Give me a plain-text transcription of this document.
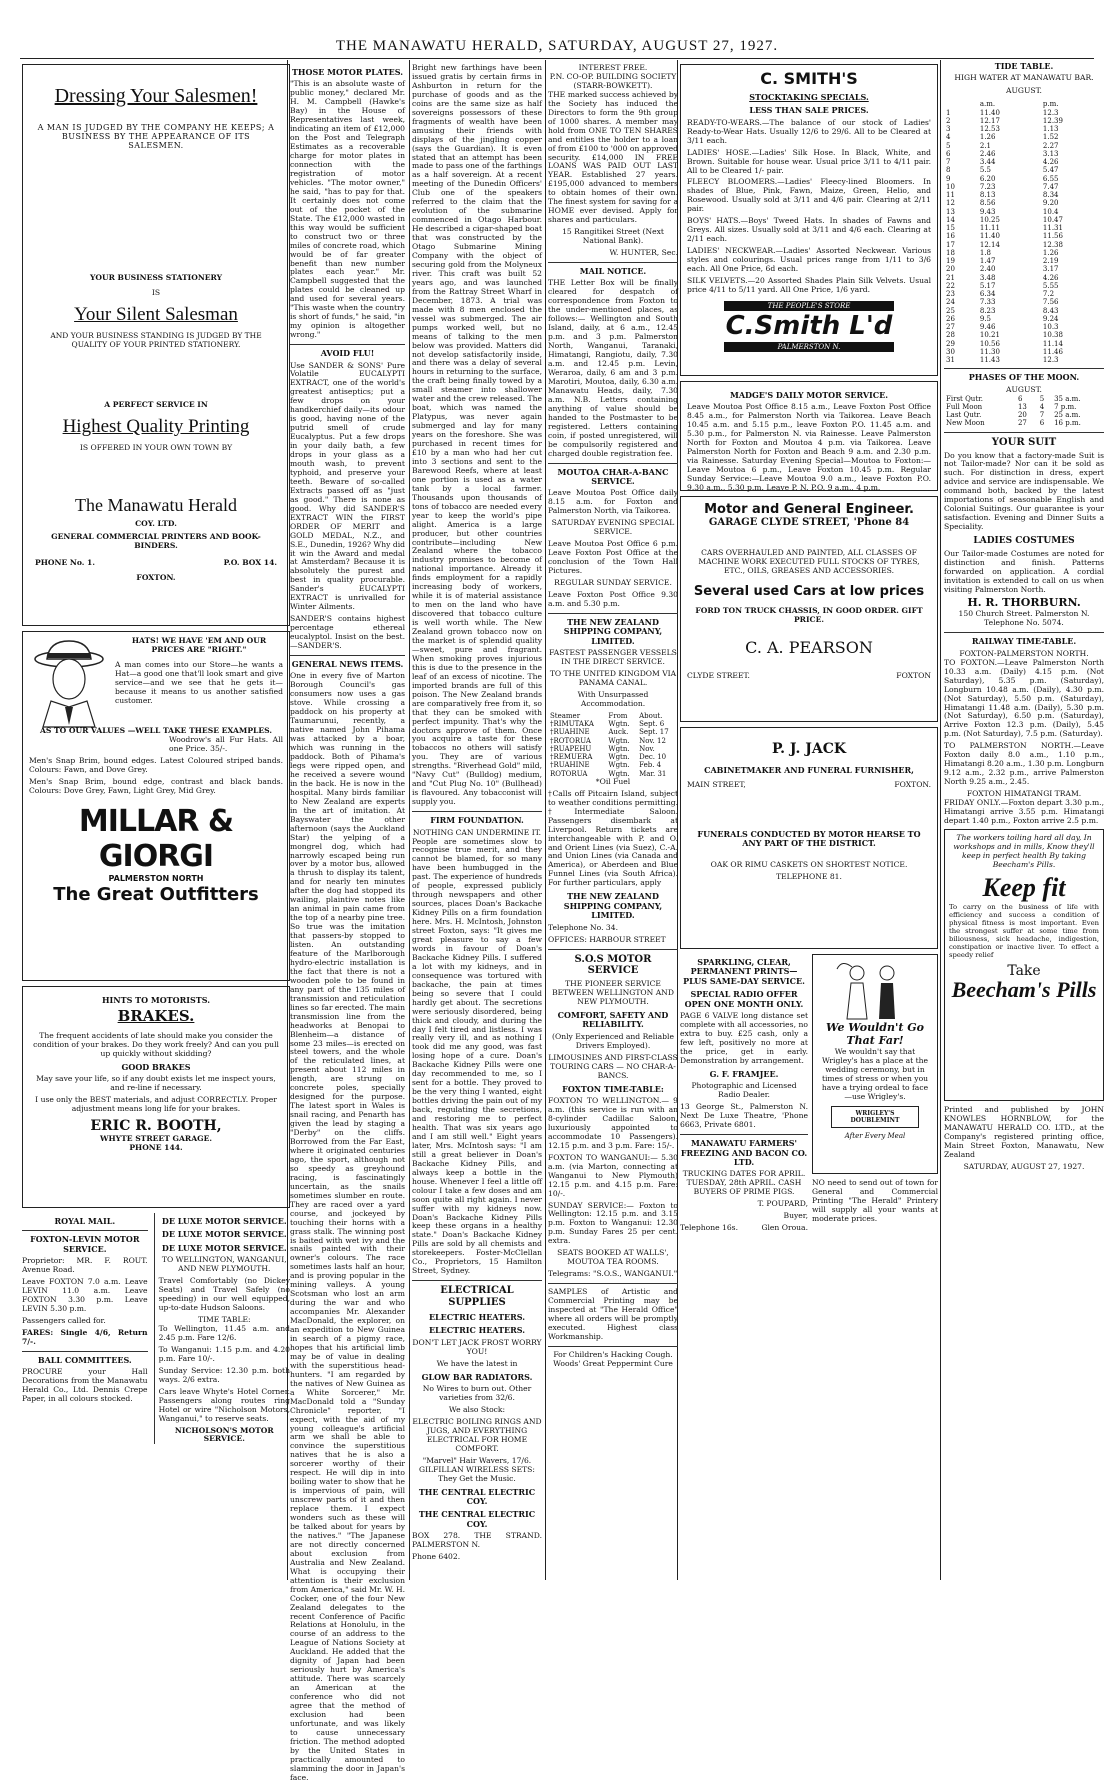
THE MANAWATU HERALD, SATURDAY, AUGUST 27, 1927.
Dressing Your Salesmen!

A MAN IS JUDGED BY THE COMPANY HE KEEPS; A BUSINESS BY THE APPEARANCE OF ITS SALESMEN.

YOUR BUSINESS STATIONERY
IS
Your Silent Salesman

AND YOUR BUSINESS STANDING IS JUDGED BY THE QUALITY OF YOUR PRINTED STATIONERY.

A PERFECT SERVICE IN
Highest Quality Printing
IS OFFERED IN YOUR OWN TOWN BY
The Manawatu Herald
COY. LTD.
GENERAL COMMERCIAL PRINTERS AND BOOK-BINDERS.
PHONE No. 1.	P.O. BOX 14.
FOXTON.
HATS! WE HAVE 'EM AND OUR PRICES ARE "RIGHT."

A man comes into our Store—he wants a Hat—a good one that'll look smart and give service—and we see that he gets it—because it means to us another satisfied customer.

AS TO OUR VALUES —WELL TAKE THESE EXAMPLES.

Woodrow's all Fur Hats. All one Price. 35/-.

Men's Snap Brim, bound edges. Latest Coloured striped bands. Colours: Fawn, and Dove Grey.

Men's Snap Brim, bound edge, contrast and black bands. Colours: Dove Grey, Fawn, Light Grey, Mid Grey.

MILLAR & GIORGI
PALMERSTON NORTH
The Great Outfitters
HINTS TO MOTORISTS.
BRAKES.

The frequent accidents of late should make you consider the condition of your brakes. Do they work freely? And can you pull up quickly without skidding?

GOOD BRAKES

May save your life, so if any doubt exists let me inspect yours, and re-line if necessary.

I use only the BEST materials, and adjust CORRECTLY. Proper adjustment means long life for your brakes.

ERIC R. BOOTH,
WHYTE STREET GARAGE.
PHONE 144.
ROYAL MAIL.
FOXTON-LEVIN MOTOR SERVICE.

Proprietor: MR. F. ROUT. Avenue Road.

Leave FOXTON 7.0 a.m. Leave LEVIN 11.0 a.m. Leave FOXTON 3.30 p.m. Leave LEVIN 5.30 p.m.

Passengers called for.

FARES: Single 4/6, Return 7/-.

BALL COMMITTEES.

PROCURE your Hall Decorations from the Manawatu Herald Co., Ltd. Dennis Crepe Paper, in all colours stocked.

DE LUXE MOTOR SERVICE.
DE LUXE MOTOR SERVICE.
DE LUXE MOTOR SERVICE.

TO WELLINGTON, WANGANUI, AND NEW PLYMOUTH.

Travel Comfortably (no Dickey Seats) and Travel Safely (no speeding) in our well equipped, up-to-date Hudson Saloons.

TIME TABLE:

To Wellington, 11.45 a.m. and 2.45 p.m. Fare 12/6.

To Wanganui: 1.15 p.m. and 4.20 p.m. Fare 10/-.

Sunday Service: 12.30 p.m. both ways. 2/6 extra.

Cars leave Whyte's Hotel Corner. Passengers along routes ring Hotel or wire "Nicholson Motors, Wanganui," to reserve seats.

NICHOLSON'S MOTOR SERVICE.
THOSE MOTOR PLATES.

"This is an absolute waste of public money," declared Mr. H. M. Campbell (Hawke's Bay) in the House of Representatives last week, indicating an item of £12,000 on the Post and Telegraph Estimates as a recoverable charge for motor plates in connection with the registration of motor vehicles. "The motor owner," he said, "has to pay for that. It certainly does not come out of the pocket of the State. The £12,000 wasted in this way would be sufficient to construct two or three miles of concrete road, which would be of far greater benefit than new number plates each year." Mr. Campbell suggested that the plates could be cleaned up and used for several years. "This waste when the country is short of funds," he said, "in my opinion is altogether wrong."

AVOID FLU!

Use SANDER & SONS' Pure Volatile EUCALYPTI EXTRACT, one of the world's greatest antiseptics; put a few drops on your handkerchief daily—its odour is good, having none of the putrid smell of crude Eucalyptus. Put a few drops in your daily bath, a few drops in your glass as a mouth wash, to prevent typhoid, and preserve your teeth. Beware of so-called Extracts passed off as "just as good." There is none as good. Why did SANDER'S EXTRACT WIN the FIRST ORDER OF MERIT and GOLD MEDAL, N.Z., and S.E., Dunedin, 1926? Why did it win the Award and medal at Amsterdam? Because it is absolutely the purest and best in quality procurable. Sander's EUCALYPTI EXTRACT is unrivalled for Winter Ailments.

SANDER'S contains highest percentage ethereal eucalyptol. Insist on the best.—SANDER'S.

GENERAL NEWS ITEMS.

One in every five of Marton Borough Council's gas consumers now uses a gas stove. While crossing a paddock on his property at Taumarunui, recently, a native named John Pihama was attacked by a boar, which was running in the paddock. Both of Pihama's legs were ripped open, and he received a severe wound in the back. He is now in the hospital. Many birds familiar to New Zealand are experts in the art of imitation. At Bayswater the other afternoon (says the Auckland Star) the yelping of a mongrel dog, which had narrowly escaped being run over by a motor bus, allowed a thrush to display its talent, and for nearly ten minutes after the dog had stopped its wailing, plaintive notes like an animal in pain came from the top of a nearby pine tree. So true was the imitation that passers-by stopped to listen. An outstanding feature of the Marlborough hydro-electric installation is the fact that there is not a wooden pole to be found in any part of the 135 miles of transmission and reticulation lines so far erected. The main transmission line from the headworks at Benopai to Blenheim—a distance of some 23 miles—is erected on steel towers, and the whole of the reticulated lines, at present about 112 miles in length, are strung on concrete poles, specially designed for the purpose. The latest sport in Wales is snail racing, and Penarth has given the lead by staging a "Derby" on the cliffs. Borrowed from the Far East, where it originated centuries ago, the sport, although not so speedy as greyhound racing, is fascinatingly uncertain, as the snails sometimes slumber en route. They are raced over a yard course, and jockeyed by touching their horns with a grass stalk. The winning post is baited with wet ivy and the snails painted with their owner's colours. The race sometimes lasts half an hour, and is proving popular in the mining valleys. A young Scotsman who lost an arm during the war and who accompanies Mr. Alexander MacDonald, the explorer, on an expedition to New Guinea in search of a pigmy race, hopes that his artificial limb may be of value in dealing with the superstitious head-hunters. "I am regarded by the natives of New Guinea as a White Sorcerer," Mr. MacDonald told a "Sunday Chronicle" reporter, "I expect, with the aid of my young colleague's artificial arm we shall be able to convince the superstitious natives that he is also a sorcerer worthy of their respect. He will dip in into boiling water to show that he is impervious of pain, will unscrew parts of it and then replace them. I expect wonders such as these will be talked about for years by the natives." "The Japanese are not directly concerned about exclusion from Australia and New Zealand. What is occupying their attention is their exclusion from America," said Mr. W. H. Cocker, one of the four New Zealand delegates to the recent Conference of Pacific Relations at Honolulu, in the course of an address to the League of Nations Society at Auckland. He added that the dignity of Japan had been seriously hurt by America's attitude. There was scarcely an American at the conference who did not agree that the method of exclusion had been unfortunate, and was likely to cause unnecessary friction. The method adopted by the United States in practically amounted to slamming the door in Japan's face.

Bright new farthings have been issued gratis by certain firms in Ashburton in return for the purchase of goods and as the coins are the same size as half sovereigns possessors of these fragments of wealth have been amusing their friends with displays of the jingling copper (says the Guardian). It is even stated that an attempt has been made to pass one of the farthings as a half sovereign. At a recent meeting of the Dunedin Officers' Club one of the speakers referred to the claim that the evolution of the submarine commenced in Otago Harbour. He described a cigar-shaped boat that was constructed by the Otago Submarine Mining Company with the object of securing gold from the Molyneux river. This craft was built 52 years ago, and was launched from the Rattray Street Wharf in December, 1873. A trial was made with 8 men enclosed the vessel was submerged. The air pumps worked well, but no means of talking to the men below was provided. Matters did not develop satisfactorily inside, and there was a delay of several hours in returning to the surface, the craft being finally towed by a small steamer into shallower water and the crew released. The boat, which was named the Platypus, was never again submerged and lay for many years on the foreshore. She was purchased in recent times for £10 by a man who had her cut into 3 sections and sent to the Barewood Reefs, where at least one portion is used as a water tank by a local farmer. Thousands upon thousands of tons of tobacco are needed every year to keep the world's pipe alight. America is a large producer, but other countries contribute—including New Zealand where the tobacco industry promises to become of national importance. Already it finds employment for a rapidly increasing body of workers, while it is of material assistance to men on the land who have discovered that tobacco culture is well worth while. The New Zealand grown tobacco now on the market is of splendid quality—sweet, pure and fragrant. When smoking proves injurious this is due to the presence in the leaf of an excess of nicotine. The imported brands are full of this poison. The New Zealand brands are comparatively free from it, so that they can be smoked with perfect impunity. That's why the doctors approve of them. Once you acquire a taste for these tobaccos no others will satisfy you. They are of various strengths. "Riverhead Gold" mild, "Navy Cut" (Bulldog) medium, and "Cut Plug No. 10" (Bullhead) is flavoured. Any tobacconist will supply you.

FIRM FOUNDATION.
NOTHING CAN UNDERMINE IT.

People are sometimes slow to recognise true merit, and they cannot be blamed, for so many have been humbugged in the past. The experience of hundreds of people, expressed publicly through newspapers and other sources, places Doan's Backache Kidney Pills on a firm foundation here. Mrs. H. McIntosh, Johnston street Foxton, says: "It gives me great pleasure to say a few words in favour of Doan's Backache Kidney Pills. I suffered a lot with my kidneys, and in consequence was tortured with backache, the pain at times being so severe that I could hardly get about. The secretions were seriously disordered, being thick and cloudy, and during the day I felt tired and listless. I was really very ill, and as nothing I took did me any good, was fast losing hope of a cure. Doan's Backache Kidney Pills were one day recommended to me, so I sent for a bottle. They proved to be the very thing I wanted, eight bottles driving the pain out of my back, regulating the secretions, and restoring me to perfect health. That was six years ago and I am still well." Eight years later, Mrs. McIntosh says: "I am still a great believer in Doan's Backache Kidney Pills, and always keep a bottle in the house. Whenever I feel a little off colour I take a few doses and am soon quite all right again. I never suffer with my kidneys now. Doan's Backache Kidney Pills keep these organs in a healthy state." Doan's Backache Kidney Pills are sold by all chemists and storekeepers. Foster-McClellan Co., Proprietors, 15 Hamilton Street, Sydney.

ELECTRICAL SUPPLIES
ELECTRIC HEATERS.
ELECTRIC HEATERS.

DON'T LET JACK FROST WORRY YOU!

We have the latest in

GLOW BAR RADIATORS.

No Wires to burn out. Other varieties from 32/6.

We also Stock:

ELECTRIC BOILING RINGS AND JUGS, AND EVERYTHING ELECTRICAL FOR HOME COMFORT.

"Marvel" Hair Wavers, 17/6. GILFILLAN WIRELESS SETS: They Get the Music.

THE CENTRAL ELECTRIC COY.
THE CENTRAL ELECTRIC COY.

BOX 278. THE STRAND. PALMERSTON N.

Phone 6402.

INTEREST FREE.
P.N. CO-OP. BUILDING SOCIETY (STARR-BOWKETT).

THE marked success achieved by the Society has induced the Directors to form the 9th group of 1000 shares. A member may hold from ONE TO TEN SHARES and entitles the holder to a loan of from £100 to '000 on approved security. £14,000 IN FREE LOANS WAS PAID OUT LAST YEAR. Established 27 years. £195,000 advanced to members to obtain homes of their own. The finest system for saving for a HOME ever devised. Apply for shares and particulars.

15 Rangitikei Street (Next National Bank).

W. HUNTER, Sec.

MAIL NOTICE.

THE Letter Box will be finally cleared for despatch of correspondence from Foxton to the under-mentioned places, as follows:— Wellington and South Island, daily, at 6 a.m., 12.45 p.m. and 3 p.m. Palmerston North, Wanganui, Taranaki, Himatangi, Rangiotu, daily, 7.30 a.m. and 12.45 p.m. Levin, Weraroa, daily, 6 am and 3 p.m. Marotiri, Moutoa, daily, 6.30 a.m. Manawatu Heads, daily, 7.30 a.m. N.B. Letters containing anything of value should be handed to the Postmaster to be registered. Letters containing coin, if posted unregistered, will be compulsorily registered and charged double registration fee.

MOUTOA CHAR-A-BANC SERVICE.

Leave Moutoa Post Office daily 8.15 a.m. for Foxton and Palmerston North, via Taikorea.

SATURDAY EVENING SPECIAL SERVICE.

Leave Moutoa Post Office 6 p.m. Leave Foxton Post Office at the conclusion of the Town Hall Pictures.

REGULAR SUNDAY SERVICE.

Leave Foxton Post Office 9.30 a.m. and 5.30 p.m.

THE NEW ZEALAND SHIPPING COMPANY, LIMITED.

FASTEST PASSENGER VESSELS IN THE DIRECT SERVICE.

TO THE UNITED KINGDOM VIA PANAMA CANAL.

With Unsurpassed Accommodation.

Steamer	From	About.
†RIMUTAKA	Wgtn.	Sept. 6
†RUAHINE	Auck.	Sept. 17
†ROTORUA	Wgtn.	Nov. 12
†RUAPEHU	Wgtn.	Nov.
†REMUERA	Wgtn.	Dec. 10
†RUAHINE	Wgtn.	Feb. 4
ROTORUA	Wgtn.	Mar. 31

*Oil Fuel

†Calls off Pitcairn Island, subject to weather conditions permitting. †Intermediate Saloon. Passengers disembark at Liverpool. Return tickets are interchangeable with P. and O. and Orient Lines (via Suez), C.-A. and Union Lines (via Canada and America), or Aberdeen and Blue Funnel Lines (via South Africa). For further particulars, apply

THE NEW ZEALAND SHIPPING COMPANY, LIMITED.

Telephone No. 34.

OFFICES: HARBOUR STREET

S.O.S MOTOR SERVICE

THE PIONEER SERVICE BETWEEN WELLINGTON AND NEW PLYMOUTH.

COMFORT, SAFETY AND RELIABILITY.

(Only Experienced and Reliable Drivers Employed).

LIMOUSINES AND FIRST-CLASS TOURING CARS — NO CHAR-A-BANCS.

FOXTON TIME-TABLE:

FOXTON TO WELLINGTON.— 9 a.m. (this service is run with an 8-cylinder Cadillac Saloon, luxuriously appointed to accommodate 10 Passengers). 12.15 p.m. and 3 p.m. Fare: 15/-.

FOXTON TO WANGANUI:— 5.30 a.m. (via Marton, connecting at Wanganui to New Plymouth) 12.15 p.m. and 4.15 p.m. Fare: 10/-.

SUNDAY SERVICE:— Foxton to Wellington: 12.15 p.m. and 3.15 p.m. Foxton to Wanganui: 12.30 p.m. Sunday Fares 25 per cent. extra.

SEATS BOOKED AT WALLS', MOUTOA TEA ROOMS.

Telegrams: "S.O.S., WANGANUI."

SAMPLES of Artistic and Commercial Printing may be inspected at "The Herald Office" where all orders will be promptly executed. Highest class Workmanship.

For Children's Hacking Cough. Woods' Great Peppermint Cure

C. SMITH'S
STOCKTAKING SPECIALS.
LESS THAN SALE PRICES.

READY-TO-WEARS.—The balance of our stock of Ladies' Ready-to-Wear Hats. Usually 12/6 to 29/6. All to be Cleared at 3/11 each.

LADIES' HOSE.—Ladies' Silk Hose. In Black, White, and Brown. Suitable for house wear. Usual price 3/11 to 4/11 pair. All to be Cleared 1/- pair.

FLEECY BLOOMERS.—Ladies' Fleecy-lined Bloomers. In shades of Blue, Pink, Fawn, Maize, Green, Helio, and Rosewood. Usually sold at 3/11 and 4/6 pair. Clearing at 2/11 pair.

BOYS' HATS.—Boys' Tweed Hats. In shades of Fawns and Greys. All sizes. Usually sold at 3/11 and 4/6 each. Clearing at 2/11 each.

LADIES' NECKWEAR.—Ladies' Assorted Neckwear. Various styles and colourings. Usual prices range from 1/11 to 3/6 each. All One Price, 6d each.

SILK VELVETS.—20 Assorted Shades Plain Silk Velvets. Usual price 4/11 to 5/11 yard. All One Price, 1/6 yard.

THE PEOPLE'S STORE
C.Smith L'd
PALMERSTON N.
MADGE'S DAILY MOTOR SERVICE.

Leave Moutoa Post Office 8.15 a.m., Leave Foxton Post Office 8.45 a.m., for Palmerston North via Taikorea. Leave Beach 10.45 a.m. and 5.15 p.m., leave Foxton P.O. 11.45 a.m. and 5.30 p.m., for Palmerston N. via Rainesse. Leave Palmerston North for Foxton and Moutoa 4 p.m. via Taikorea. Leave Palmerston North for Foxton and Beach 9 a.m. and 2.30 p.m. via Rainesse. Saturday Evening Special—Moutoa to Foxton:—Leave Moutoa 6 p.m., Leave Foxton 10.45 p.m. Regular Sunday Service:—Leave Moutoa 9.0 a.m., leave Foxton P.O. 9.30 a.m., 5.30 p.m. Leave P. N. P.O. 9 a.m., 4 p.m.

Motor and General Engineer.
GARAGE CLYDE STREET, 'Phone 84

CARS OVERHAULED AND PAINTED, ALL CLASSES OF MACHINE WORK EXECUTED FULL STOCKS OF TYRES, ETC., OILS, GREASES AND ACCESSORIES.

Several used Cars at low prices
FORD TON TRUCK CHASSIS, IN GOOD ORDER. GIFT PRICE.
C. A. PEARSON
CLYDE STREET.	FOXTON
P. J. JACK
CABINETMAKER AND FUNERAL FURNISHER,
MAIN STREET,	FOXTON.
FUNERALS CONDUCTED BY MOTOR HEARSE TO ANY PART OF THE DISTRICT.

OAK OR RIMU CASKETS ON SHORTEST NOTICE.

TELEPHONE 81.

SPARKLING, CLEAR, PERMANENT PRINTS—PLUS SAME-DAY SERVICE.
SPECIAL RADIO OFFER OPEN ONE MONTH ONLY.

PAGE 6 VALVE long distance set complete with all accessories, no extra to buy. £25 cash, only a few left, positively no more at the price, get in early. Demonstration by arrangement.

G. F. FRAMJEE.

Photographic and Licensed Radio Dealer.

13 George St., Palmerston N. Next De Luxe Theatre, 'Phone 6663, Private 6801.

MANAWATU FARMERS' FREEZING AND BACON CO. LTD.

TRUCKING DATES FOR APRIL. TUESDAY, 28th APRIL. CASH BUYERS OF PRIME PIGS.

T. POUPARD,

Buyer,

Telephone 16s.	Glen Oroua.
We Wouldn't Go That Far!

We wouldn't say that Wrigley's has a place at the wedding ceremony, but in times of stress or when you have a trying ordeal to face —use Wrigley's.

WRIGLEY'S DOUBLEMINT
After Every Meal

NO need to send out of town for General and Commercial Printing "The Herald" Printery will supply all your wants at moderate prices.

TIDE TABLE.
HIGH WATER AT MANAWATU BAR.
AUGUST.
	a.m.	p.m.
1	11.40	12.3
2	12.17	12.39
3	12.53	1.13
4	1.26	1.52
5	2.1	2.27
6	2.46	3.13
7	3.44	4.26
8	5.5	5.47
9	6.20	6.55
10	7.23	7.47
11	8.13	8.34
12	8.56	9.20
13	9.43	10.4
14	10.25	10.47
15	11.11	11.31
16	11.40	11.56
17	12.14	12.38
18	1.8	1.26
19	1.47	2.19
20	2.40	3.17
21	3.48	4.26
22	5.17	5.55
23	6.34	7.2
24	7.33	7.56
25	8.23	8.43
26	9.5	9.24
27	9.46	10.3
28	10.21	10.38
29	10.56	11.14
30	11.30	11.46
31	11.43	12.3
PHASES OF THE MOON.
AUGUST.
First Qutr.	6	5	35 a.m.
Full Moon	13	4	7 p.m.
Last Qutr.	20	7	25 a.m.
New Moon	27	6	16 p.m.
YOUR SUIT

Do you know that a factory-made Suit is not Tailor-made? Nor can it be sold as such. For distinction in dress, expert advice and service are indispensable. We command both, backed by the latest importations of seasonable English and Colonial Suitings. Our guarantee is your satisfaction. Evening and Dinner Suits a Speciality.

LADIES COSTUMES

Our Tailor-made Costumes are noted for distinction and finish. Patterns forwarded on application. A cordial invitation is extended to call on us when visiting Palmerston North.

H. R. THORBURN.

150 Church Street. Palmerston N. Telephone No. 5074.

RAILWAY TIME-TABLE.
FOXTON-PALMERSTON NORTH.

TO FOXTON.—Leave Palmerston North 10.33 a.m. (Daily) 4.15 p.m. (Not Saturday), 5.35 p.m. (Saturday), Longburn 10.48 a.m. (Daily), 4.30 p.m. (Not Saturday), 5.50 p.m. (Saturday), Himatangi 11.48 a.m. (Daily), 5.30 p.m. (Not Saturday), 6.50 p.m. (Saturday), Arrive Foxton 12.3 p.m. (Daily), 5.45 p.m. (Not Saturday), 7.5 p.m. (Saturday).

TO PALMERSTON NORTH.—Leave Foxton daily 8.0 a.m., 1.10 p.m., Himatangi 8.20 a.m., 1.30 p.m. Longburn 9.12 a.m., 2.32 p.m., arrive Palmerston North 9.25 a.m., 2.45.

FOXTON HIMATANGI TRAM.

FRIDAY ONLY.—Foxton depart 3.30 p.m., Himatangi arrive 3.55 p.m. Himatangi depart 1.40 p.m., Foxton arrive 2.5 p.m.

The workers toiling hard all day, In workshops and in mills, Know they'll keep in perfect health By taking Beecham's Pills.

Keep fit

To carry on the business of life with efficiency and success a condition of physical fitness is most important. Even the strongest suffer at some time from biliousness, sick headache, indigestion, constipation or inactive liver. To effect a speedy relief

Take
Beecham's Pills

Printed and published by JOHN KNOWLES HORNBLOW, for the MANAWATU HERALD CO. LTD., at the Company's registered printing office, Main Street Foxton, Manawatu, New Zealand

SATURDAY, AUGUST 27, 1927.
